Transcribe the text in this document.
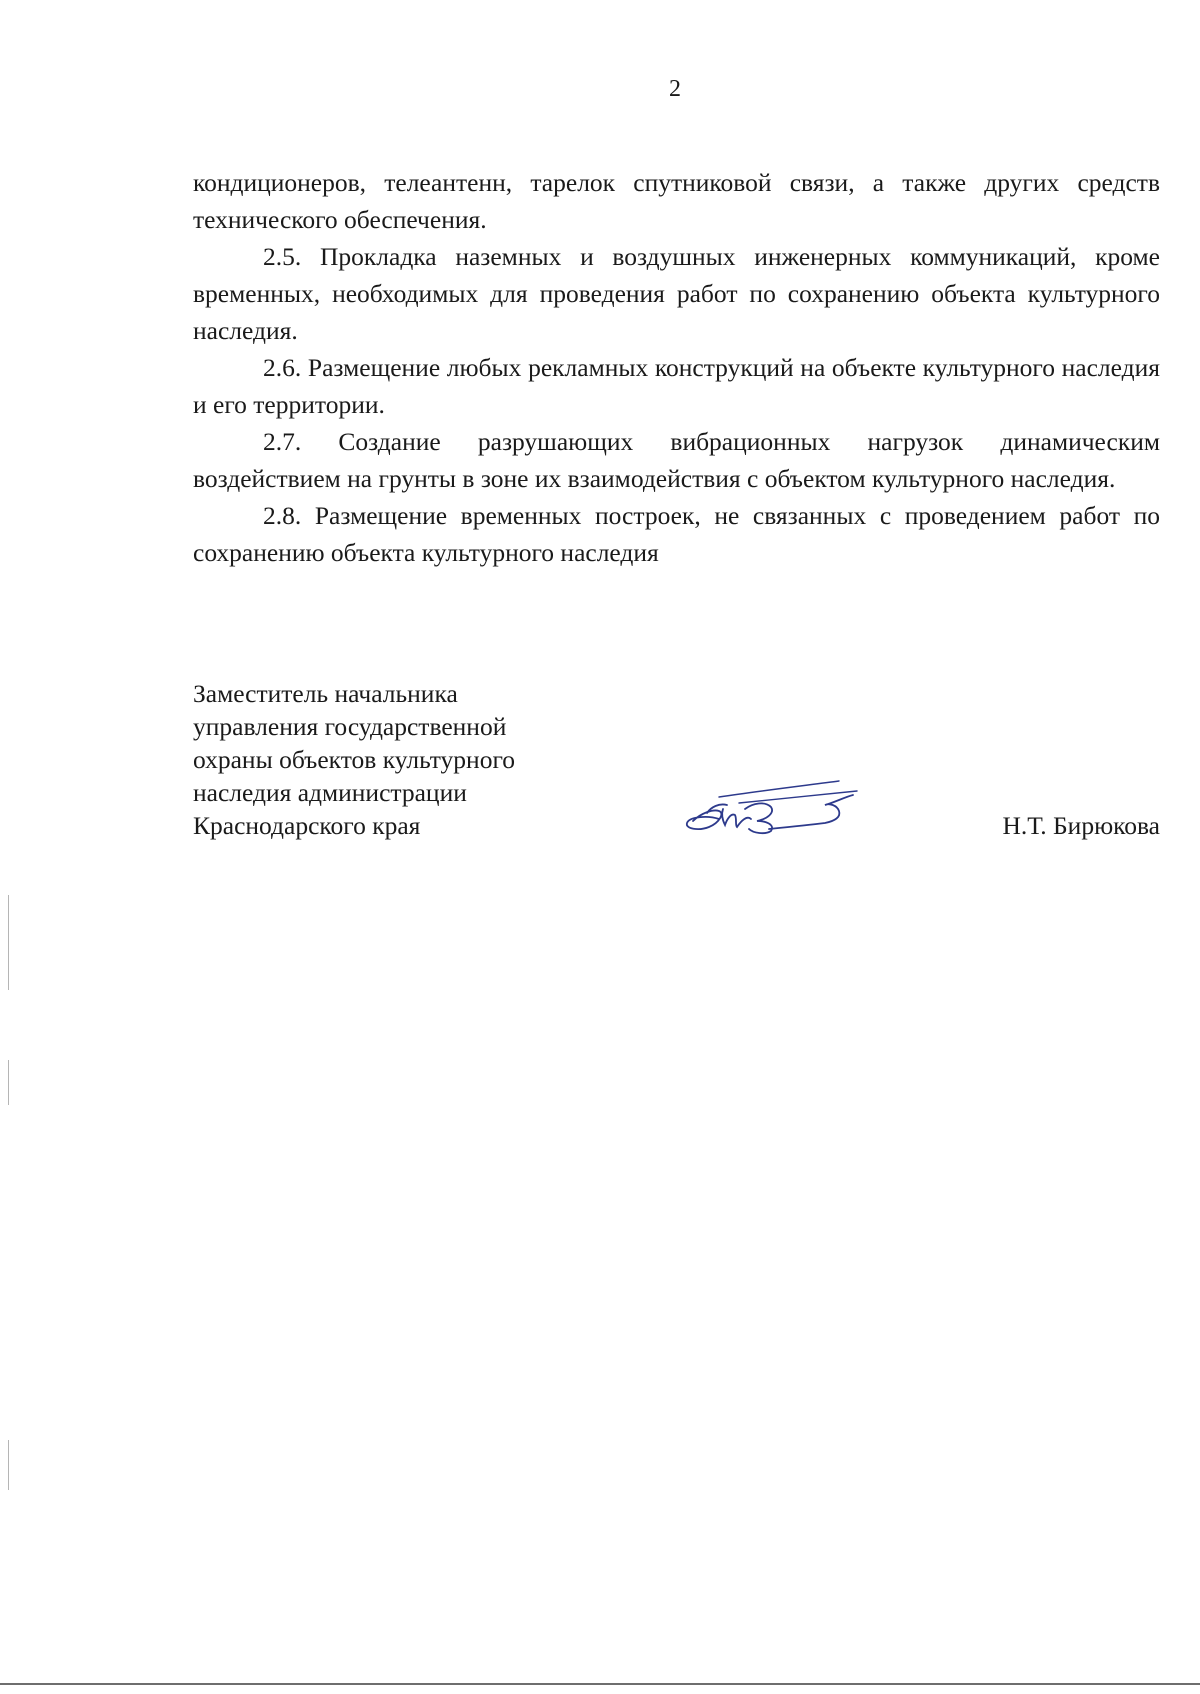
2

кондиционеров, телеантенн, тарелок спутниковой связи, а также других средств технического обеспечения.

2.5. Прокладка наземных и воздушных инженерных коммуникаций, кроме временных, необходимых для проведения работ по сохранению объекта культурного наследия.

2.6. Размещение любых рекламных конструкций на объекте культурного наследия и его территории.

2.7. Создание разрушающих вибрационных нагрузок динамическим воздействием на грунты в зоне их взаимодействия с объектом культурного наследия.

2.8. Размещение временных построек, не связанных с проведением работ по сохранению объекта культурного наследия

Заместитель начальника
управления государственной
охраны объектов культурного
наследия администрации
Краснодарского края	Н.Т. Бирюкова
